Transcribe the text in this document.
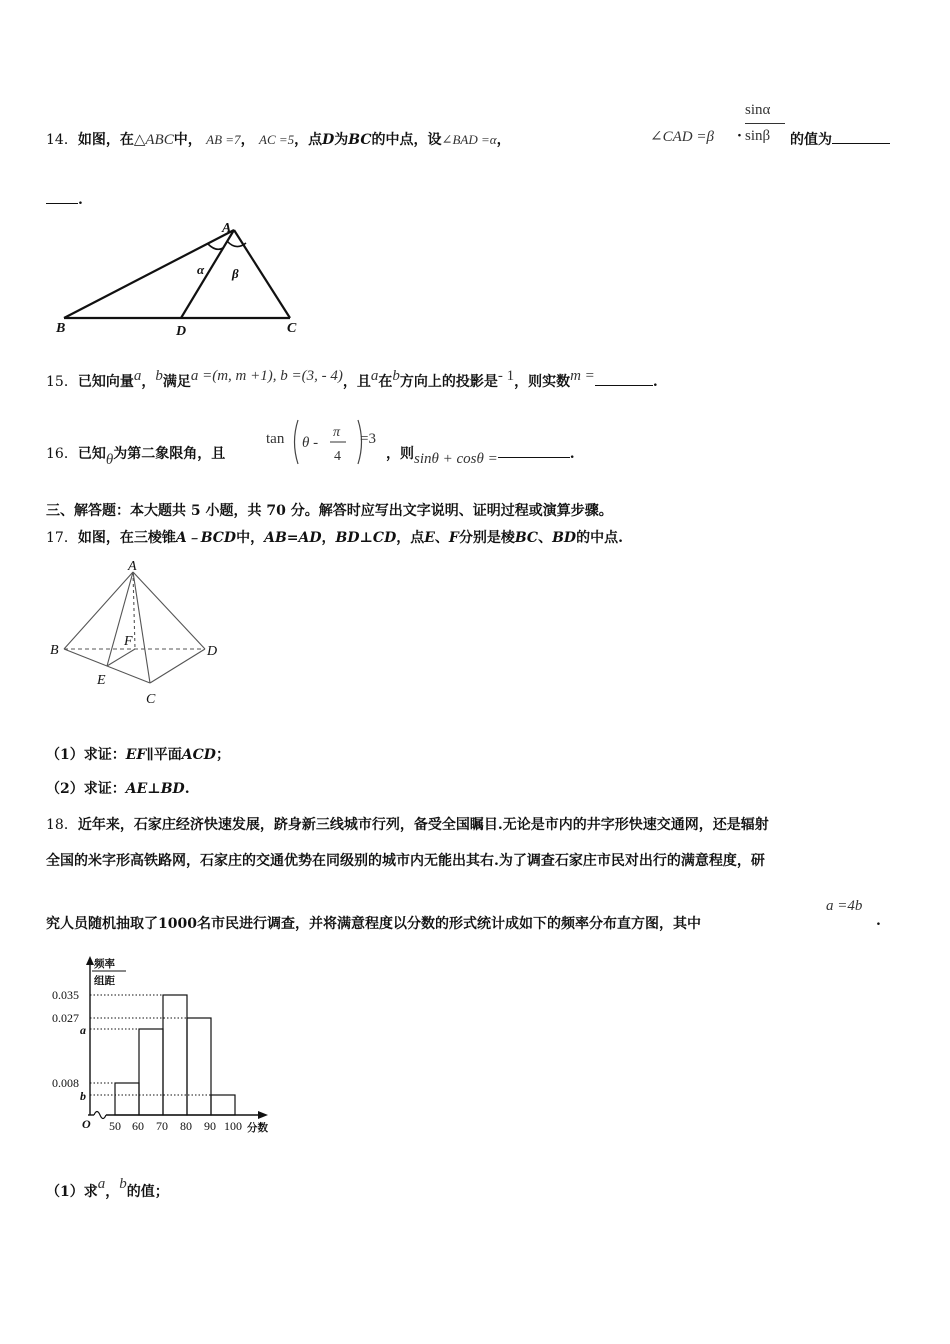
14．如图，在△ABC中， AB =7， AC =5，点D为BC的中点，设∠BAD =α，	∠CAD =β ·
sinα
sinβ 的值为
.
A
B	D	C
α β
15．已知向量a，b满足a =(m, m +1), b =(3, - 4)，且a在b方向上的投影是- 1，则实数m =	.
16．已知θ为第二象限角，且
tan θ -
π
4
=3
，则sinθ + cosθ =	.
三、解答题：本大题共 5 小题，共 70 分。解答时应写出文字说明、证明过程或演算步骤。
17．如图，在三棱锥A﹣BCD中，AB=AD，BD⊥CD，点E、F分别是棱BC、BD的中点.
A
B	D
C
E
F
（1）求证：EF∥平面ACD；
（2）求证：AE⊥BD.
18．近年来，石家庄经济快速发展，跻身新三线城市行列，备受全国瞩目.无论是市内的井字形快速交通网，还是辐射
全国的米字形高铁路网，石家庄的交通优势在同级别的城市内无能出其右.为了调查石家庄市民对出行的满意程度，研
究人员随机抽取了1000名市民进行调查，并将满意程度以分数的形式统计成如下的频率分布直方图，其中
a =4b
.
频率
组距
0.035
0.027
a
0.008
b
O 50 60 70 80 90 100 分数
（1）求a，b的值；
